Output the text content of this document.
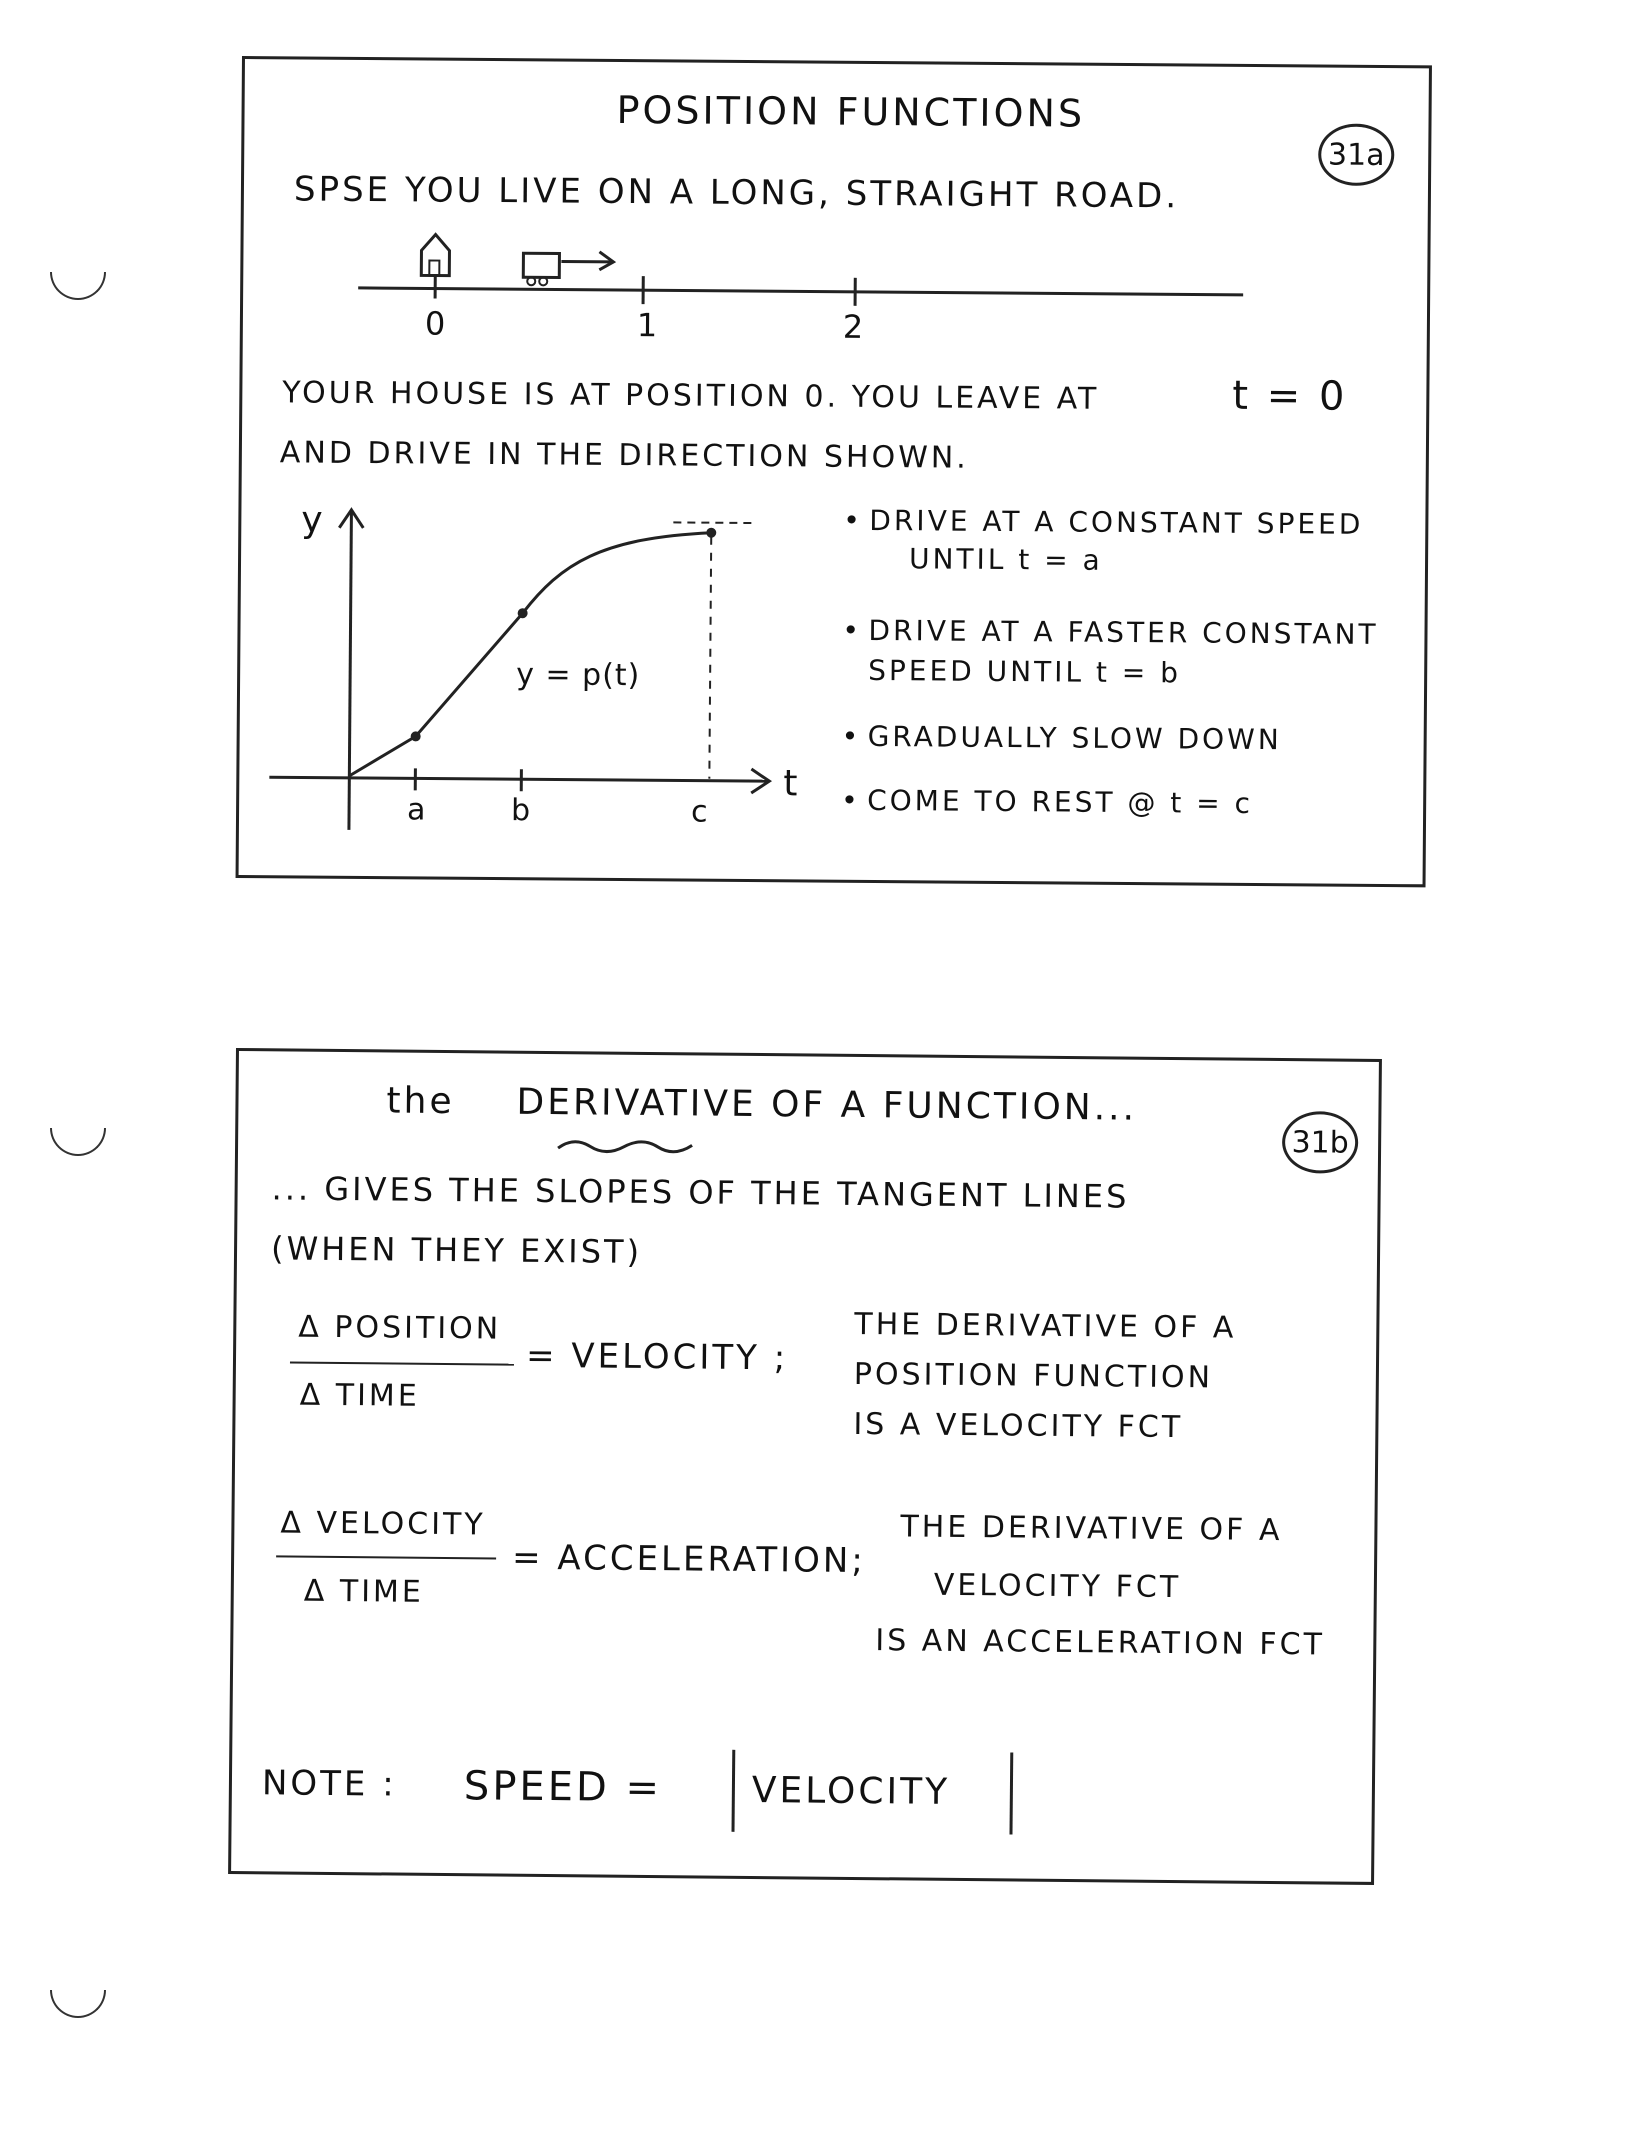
POSITION FUNCTIONS
31a
SPSE YOU LIVE ON A LONG, STRAIGHT ROAD.
0	1	2
YOUR HOUSE IS AT POSITION 0. YOU LEAVE AT	t = 0
AND DRIVE IN THE DIRECTION SHOWN.
y
t
y = p(t)
a	b	c
• DRIVE AT A CONSTANT SPEED
UNTIL t = a
• DRIVE AT A FASTER CONSTANT
SPEED UNTIL t = b
• GRADUALLY SLOW DOWN
• COME TO REST @ t = c
the DERIVATIVE OF A FUNCTION...
31b
... GIVES THE SLOPES OF THE TANGENT LINES
(WHEN THEY EXIST)
Δ POSITION
Δ TIME
= VELOCITY ;
THE DERIVATIVE OF A
POSITION FUNCTION
IS A VELOCITY FCT
Δ VELOCITY
Δ TIME
= ACCELERATION;
THE DERIVATIVE OF A
VELOCITY FCT
IS AN ACCELERATION FCT
NOTE : SPEED = VELOCITY
